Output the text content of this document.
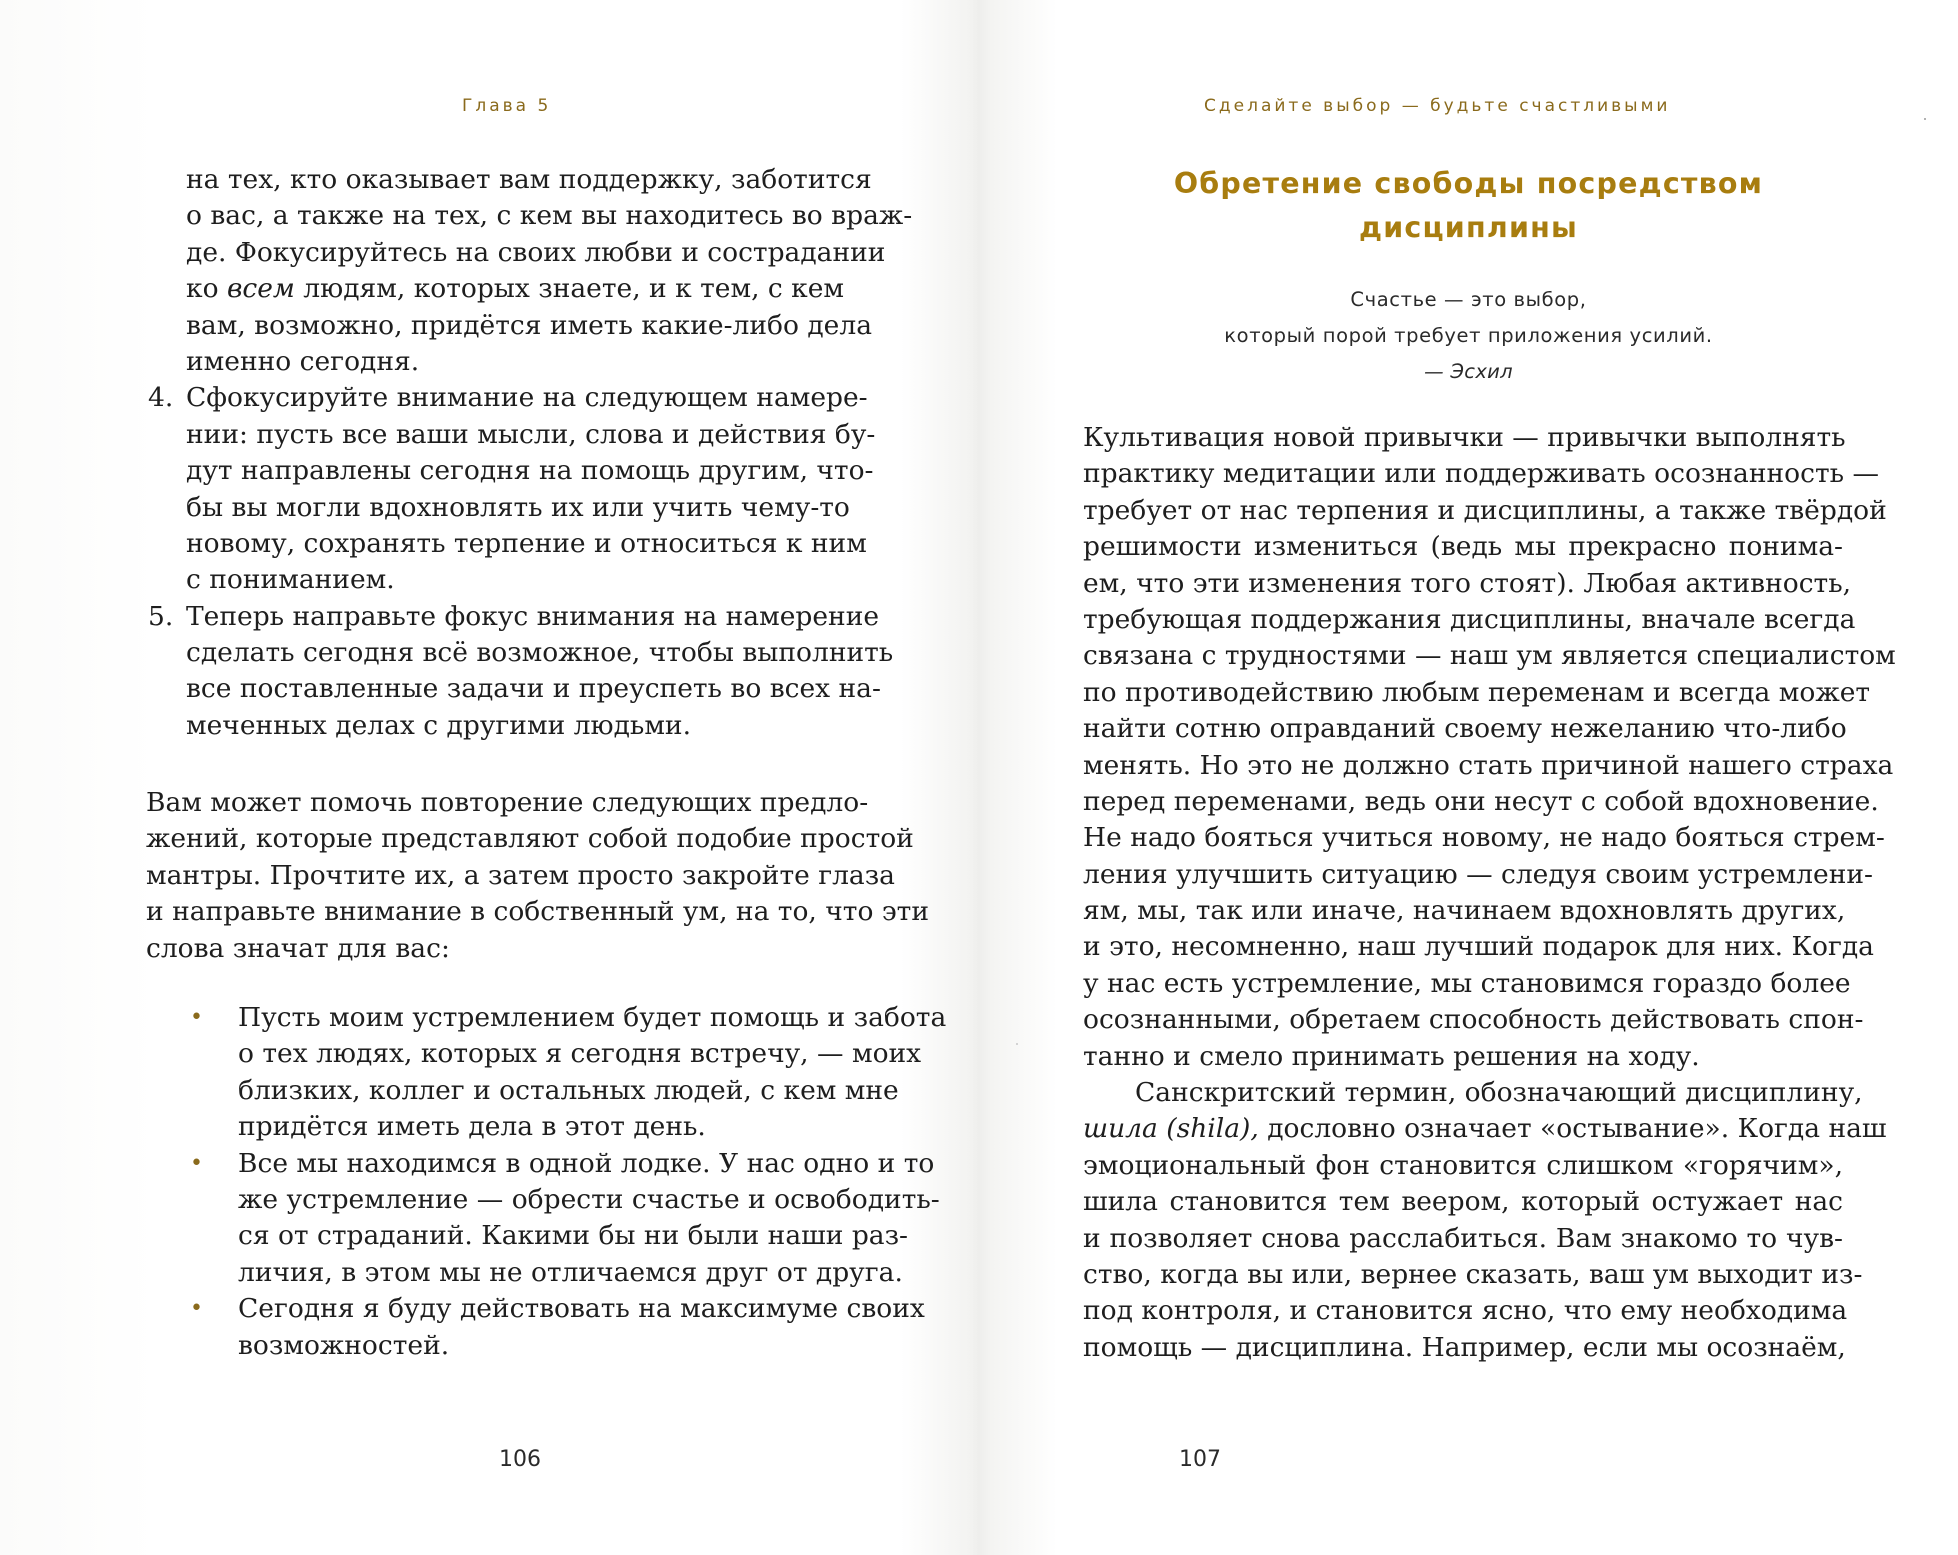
Глава 5
на тех, кто оказывает вам поддержку, заботится
о вас, а также на тех, с кем вы находитесь во враж-
де. Фокусируйтесь на своих любви и сострадании
ко всем людям, которых знаете, и к тем, с кем
вам, возможно, придётся иметь какие-либо дела
именно сегодня.
4. Сфокусируйте внимание на следующем намере-
нии: пусть все ваши мысли, слова и действия бу-
дут направлены сегодня на помощь другим, что-
бы вы могли вдохновлять их или учить чему-то
новому, сохранять терпение и относиться к ним
с пониманием.
5. Теперь направьте фокус внимания на намерение
сделать сегодня всё возможное, чтобы выполнить
все поставленные задачи и преуспеть во всех на-
меченных делах с другими людьми.
Вам может помочь повторение следующих предло-
жений, которые представляют собой подобие простой
мантры. Прочтите их, а затем просто закройте глаза
и направьте внимание в собственный ум, на то, что эти
слова значат для вас:
• Пусть моим устремлением будет помощь и забота
о тех людях, которых я сегодня встречу, — моих
близких, коллег и остальных людей, с кем мне
придётся иметь дела в этот день.
• Все мы находимся в одной лодке. У нас одно и то
же устремление — обрести счастье и освободить-
ся от страданий. Какими бы ни были наши раз-
личия, в этом мы не отличаемся друг от друга.
• Сегодня я буду действовать на максимуме своих
возможностей.
106
Сделайте выбор — будьте счастливыми
Обретение свободы посредством
дисциплины
Счастье — это выбор,
который порой требует приложения усилий.
— Эсхил
Культивация новой привычки — привычки выполнять
практику медитации или поддерживать осознанность —
требует от нас терпения и дисциплины, а также твёрдой
решимости измениться (ведь мы прекрасно понима-
ем, что эти изменения того стоят). Любая активность,
требующая поддержания дисциплины, вначале всегда
связана с трудностями — наш ум является специалистом
по противодействию любым переменам и всегда может
найти сотню оправданий своему нежеланию что-либо
менять. Но это не должно стать причиной нашего страха
перед переменами, ведь они несут с собой вдохновение.
Не надо бояться учиться новому, не надо бояться стрем-
ления улучшить ситуацию — следуя своим устремлени-
ям, мы, так или иначе, начинаем вдохновлять других,
и это, несомненно, наш лучший подарок для них. Когда
у нас есть устремление, мы становимся гораздо более
осознанными, обретаем способность действовать спон-
танно и смело принимать решения на ходу.
Санскритский термин, обозначающий дисциплину,
шила (shila), дословно означает «остывание». Когда наш
эмоциональный фон становится слишком «горячим»,
шила становится тем веером, который остужает нас
и позволяет снова расслабиться. Вам знакомо то чув-
ство, когда вы или, вернее сказать, ваш ум выходит из-
под контроля, и становится ясно, что ему необходима
помощь — дисциплина. Например, если мы осознаём,
107
